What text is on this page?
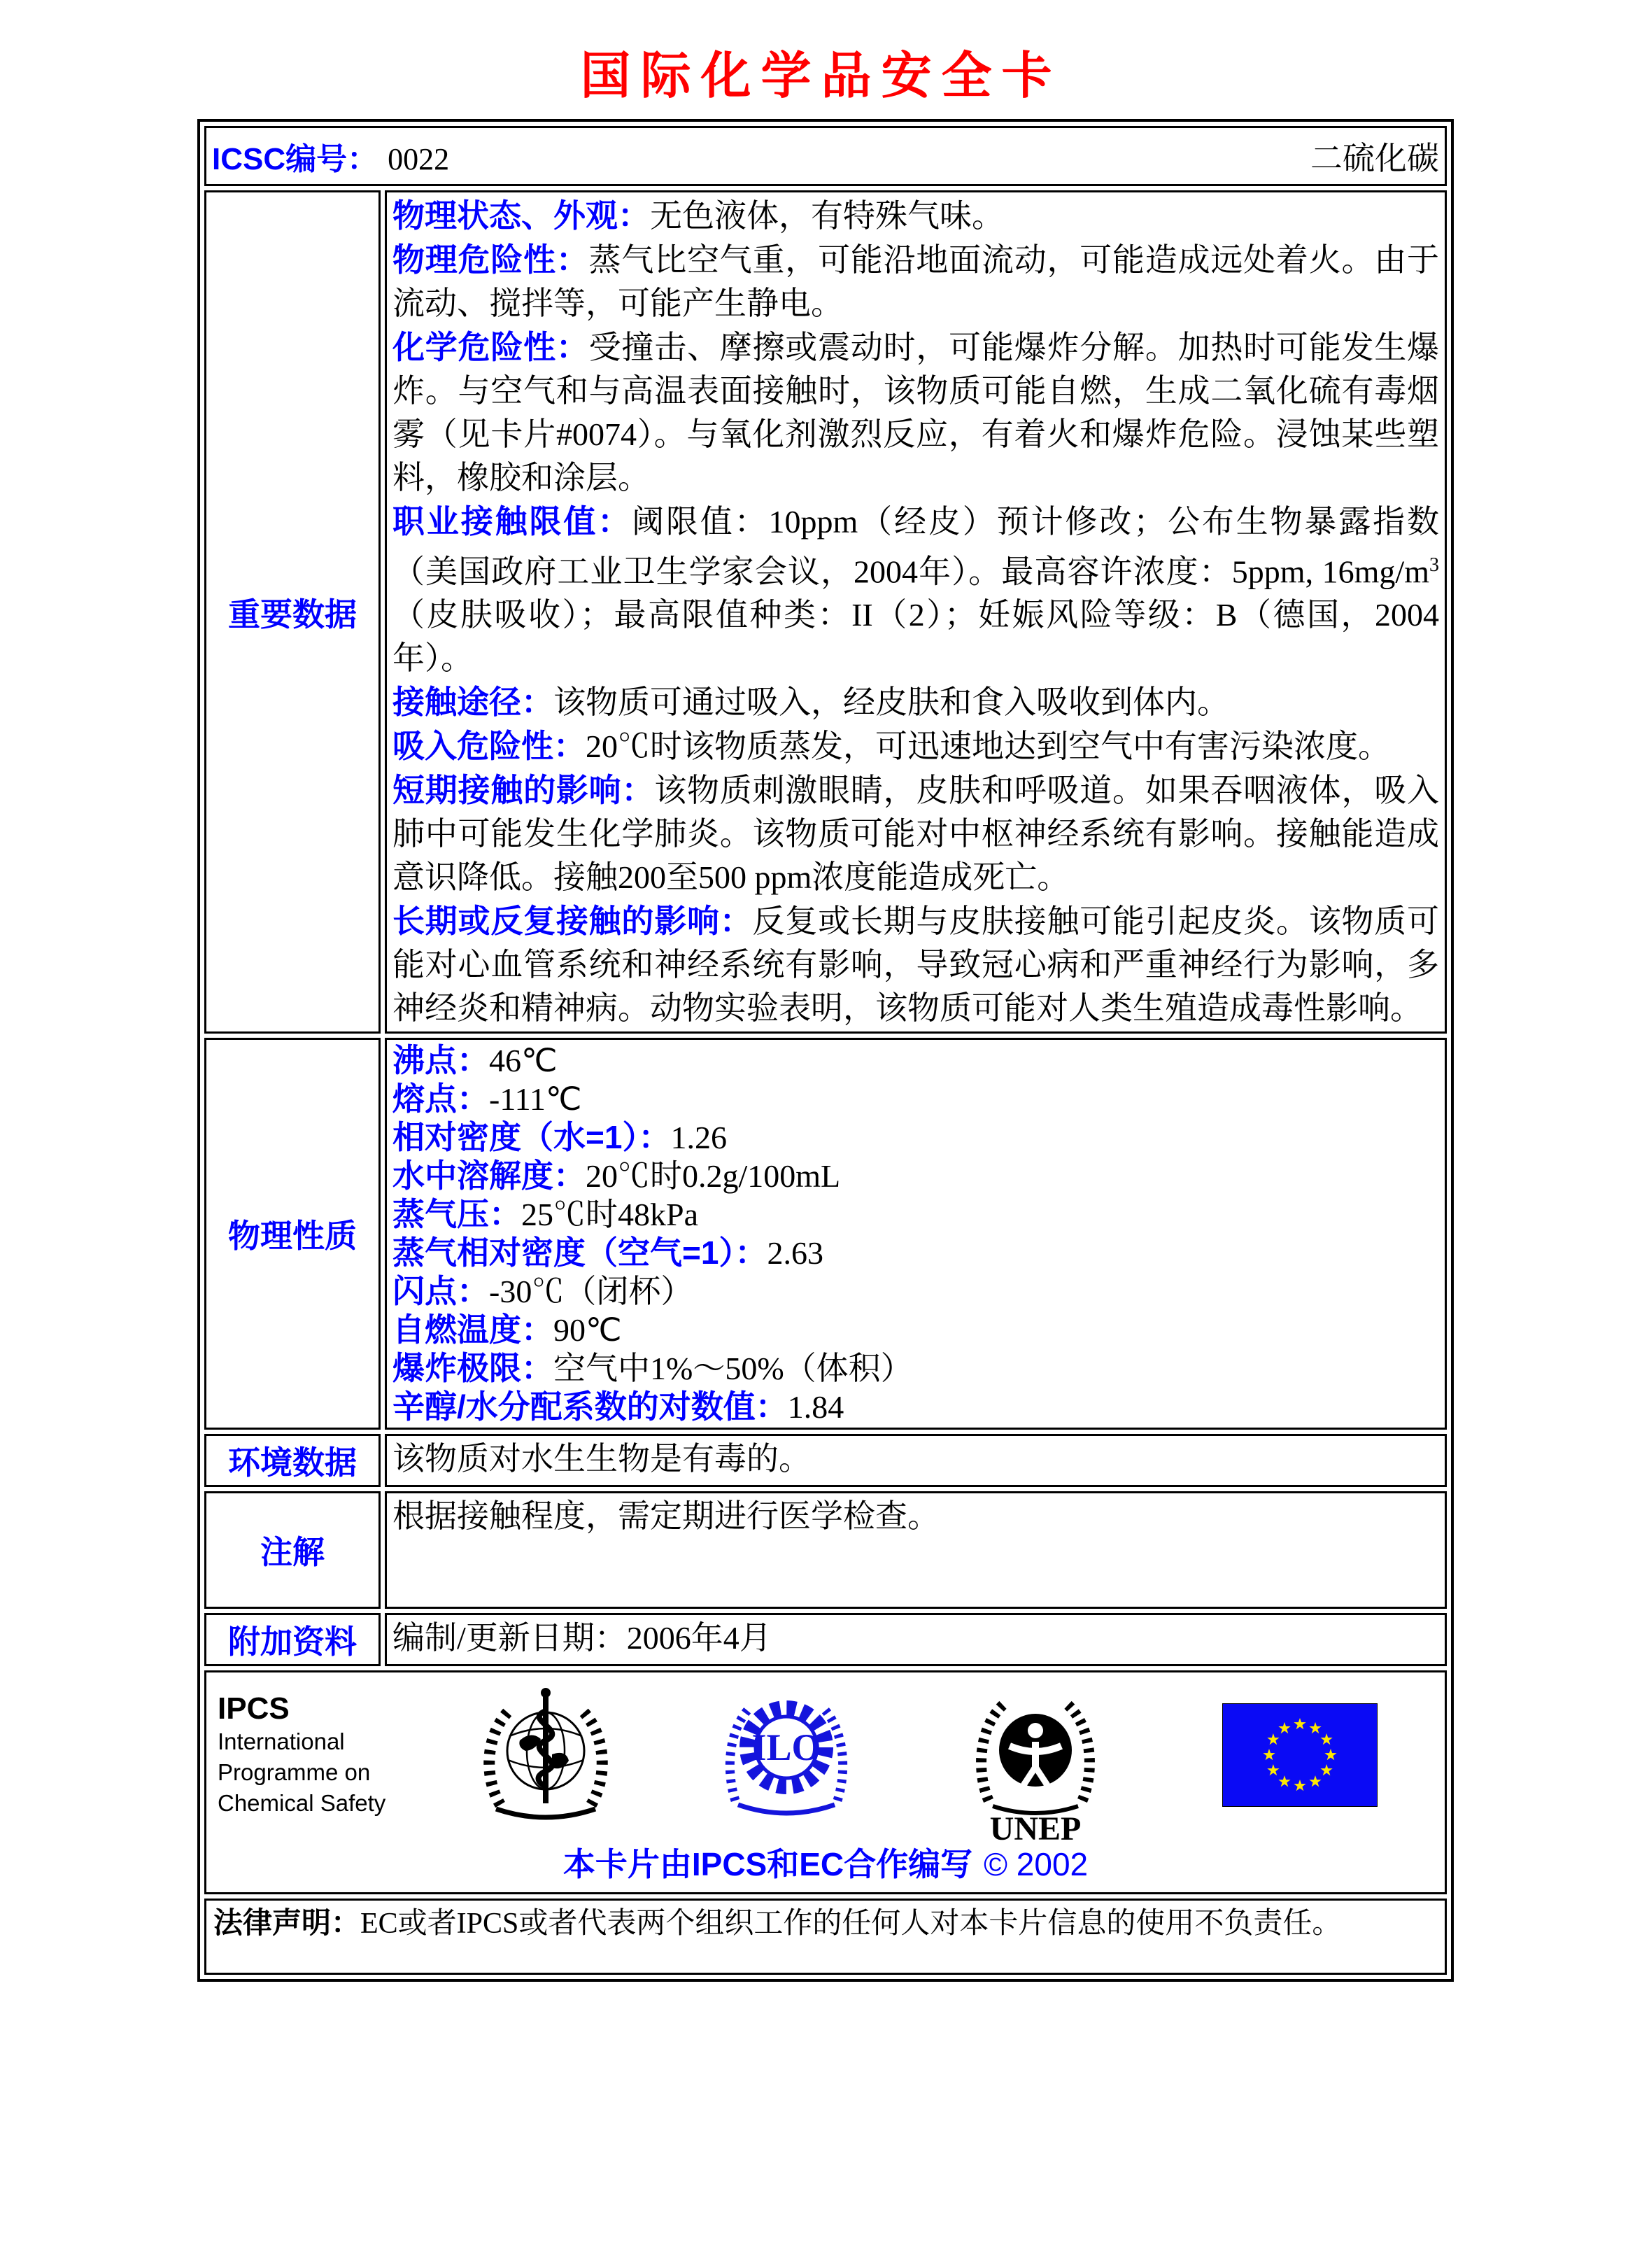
国际化学品安全卡
ICSC编号： 0022 二硫化碳	

重要数据	

物理状态、外观：无色液体，有特殊气味。

物理危险性：蒸气比空气重，可能沿地面流动，可能造成远处着火。由于流动、搅拌等，可能产生静电。

化学危险性：受撞击、摩擦或震动时，可能爆炸分解。加热时可能发生爆炸。与空气和与高温表面接触时，该物质可能自燃，生成二氧化硫有毒烟雾（见卡片#0074）。与氧化剂激烈反应，有着火和爆炸危险。浸蚀某些塑料，橡胶和涂层。

职业接触限值：阈限值：10ppm（经皮）预计修改；公布生物暴露指数（美国政府工业卫生学家会议，2004年）。最高容许浓度：5ppm, $16mg/m^3$（皮肤吸收）；最高限值种类：II（2）；妊娠风险等级：B（德国，2004年）。

接触途径：该物质可通过吸入，经皮肤和食入吸收到体内。

吸入危险性：20℃时该物质蒸发，可迅速地达到空气中有害污染浓度。

短期接触的影响：该物质刺激眼睛，皮肤和呼吸道。如果吞咽液体，吸入肺中可能发生化学肺炎。该物质可能对中枢神经系统有影响。接触能造成意识降低。接触200至500 ppm浓度能造成死亡。

长期或反复接触的影响：反复或长期与皮肤接触可能引起皮炎。该物质可能对心血管系统和神经系统有影响，导致冠心病和严重神经行为影响，多神经炎和精神病。动物实验表明，该物质可能对人类生殖造成毒性影响。

物理性质	
沸点：46℃
熔点：-111℃
相对密度（水=1）：1.26
水中溶解度：20℃时0.2g/100mL
蒸气压：25℃时48kPa
蒸气相对密度（空气=1）：2.63
闪点：-30℃（闭杯）
自燃温度：90℃
爆炸极限：空气中1%～50%（体积）
辛醇/水分配系数的对数值：1.84

环境数据	该物质对水生生物是有毒的。

注解	根据接触程度，需定期进行医学检查。

附加资料	编制/更新日期：2006年4月

IPCS
International
Programme on
Chemical Safety
ILO
UNEP
本卡片由IPCS和EC合作编写 © 2002

法律声明：EC或者IPCS或者代表两个组织工作的任何人对本卡片信息的使用不负责任。	
